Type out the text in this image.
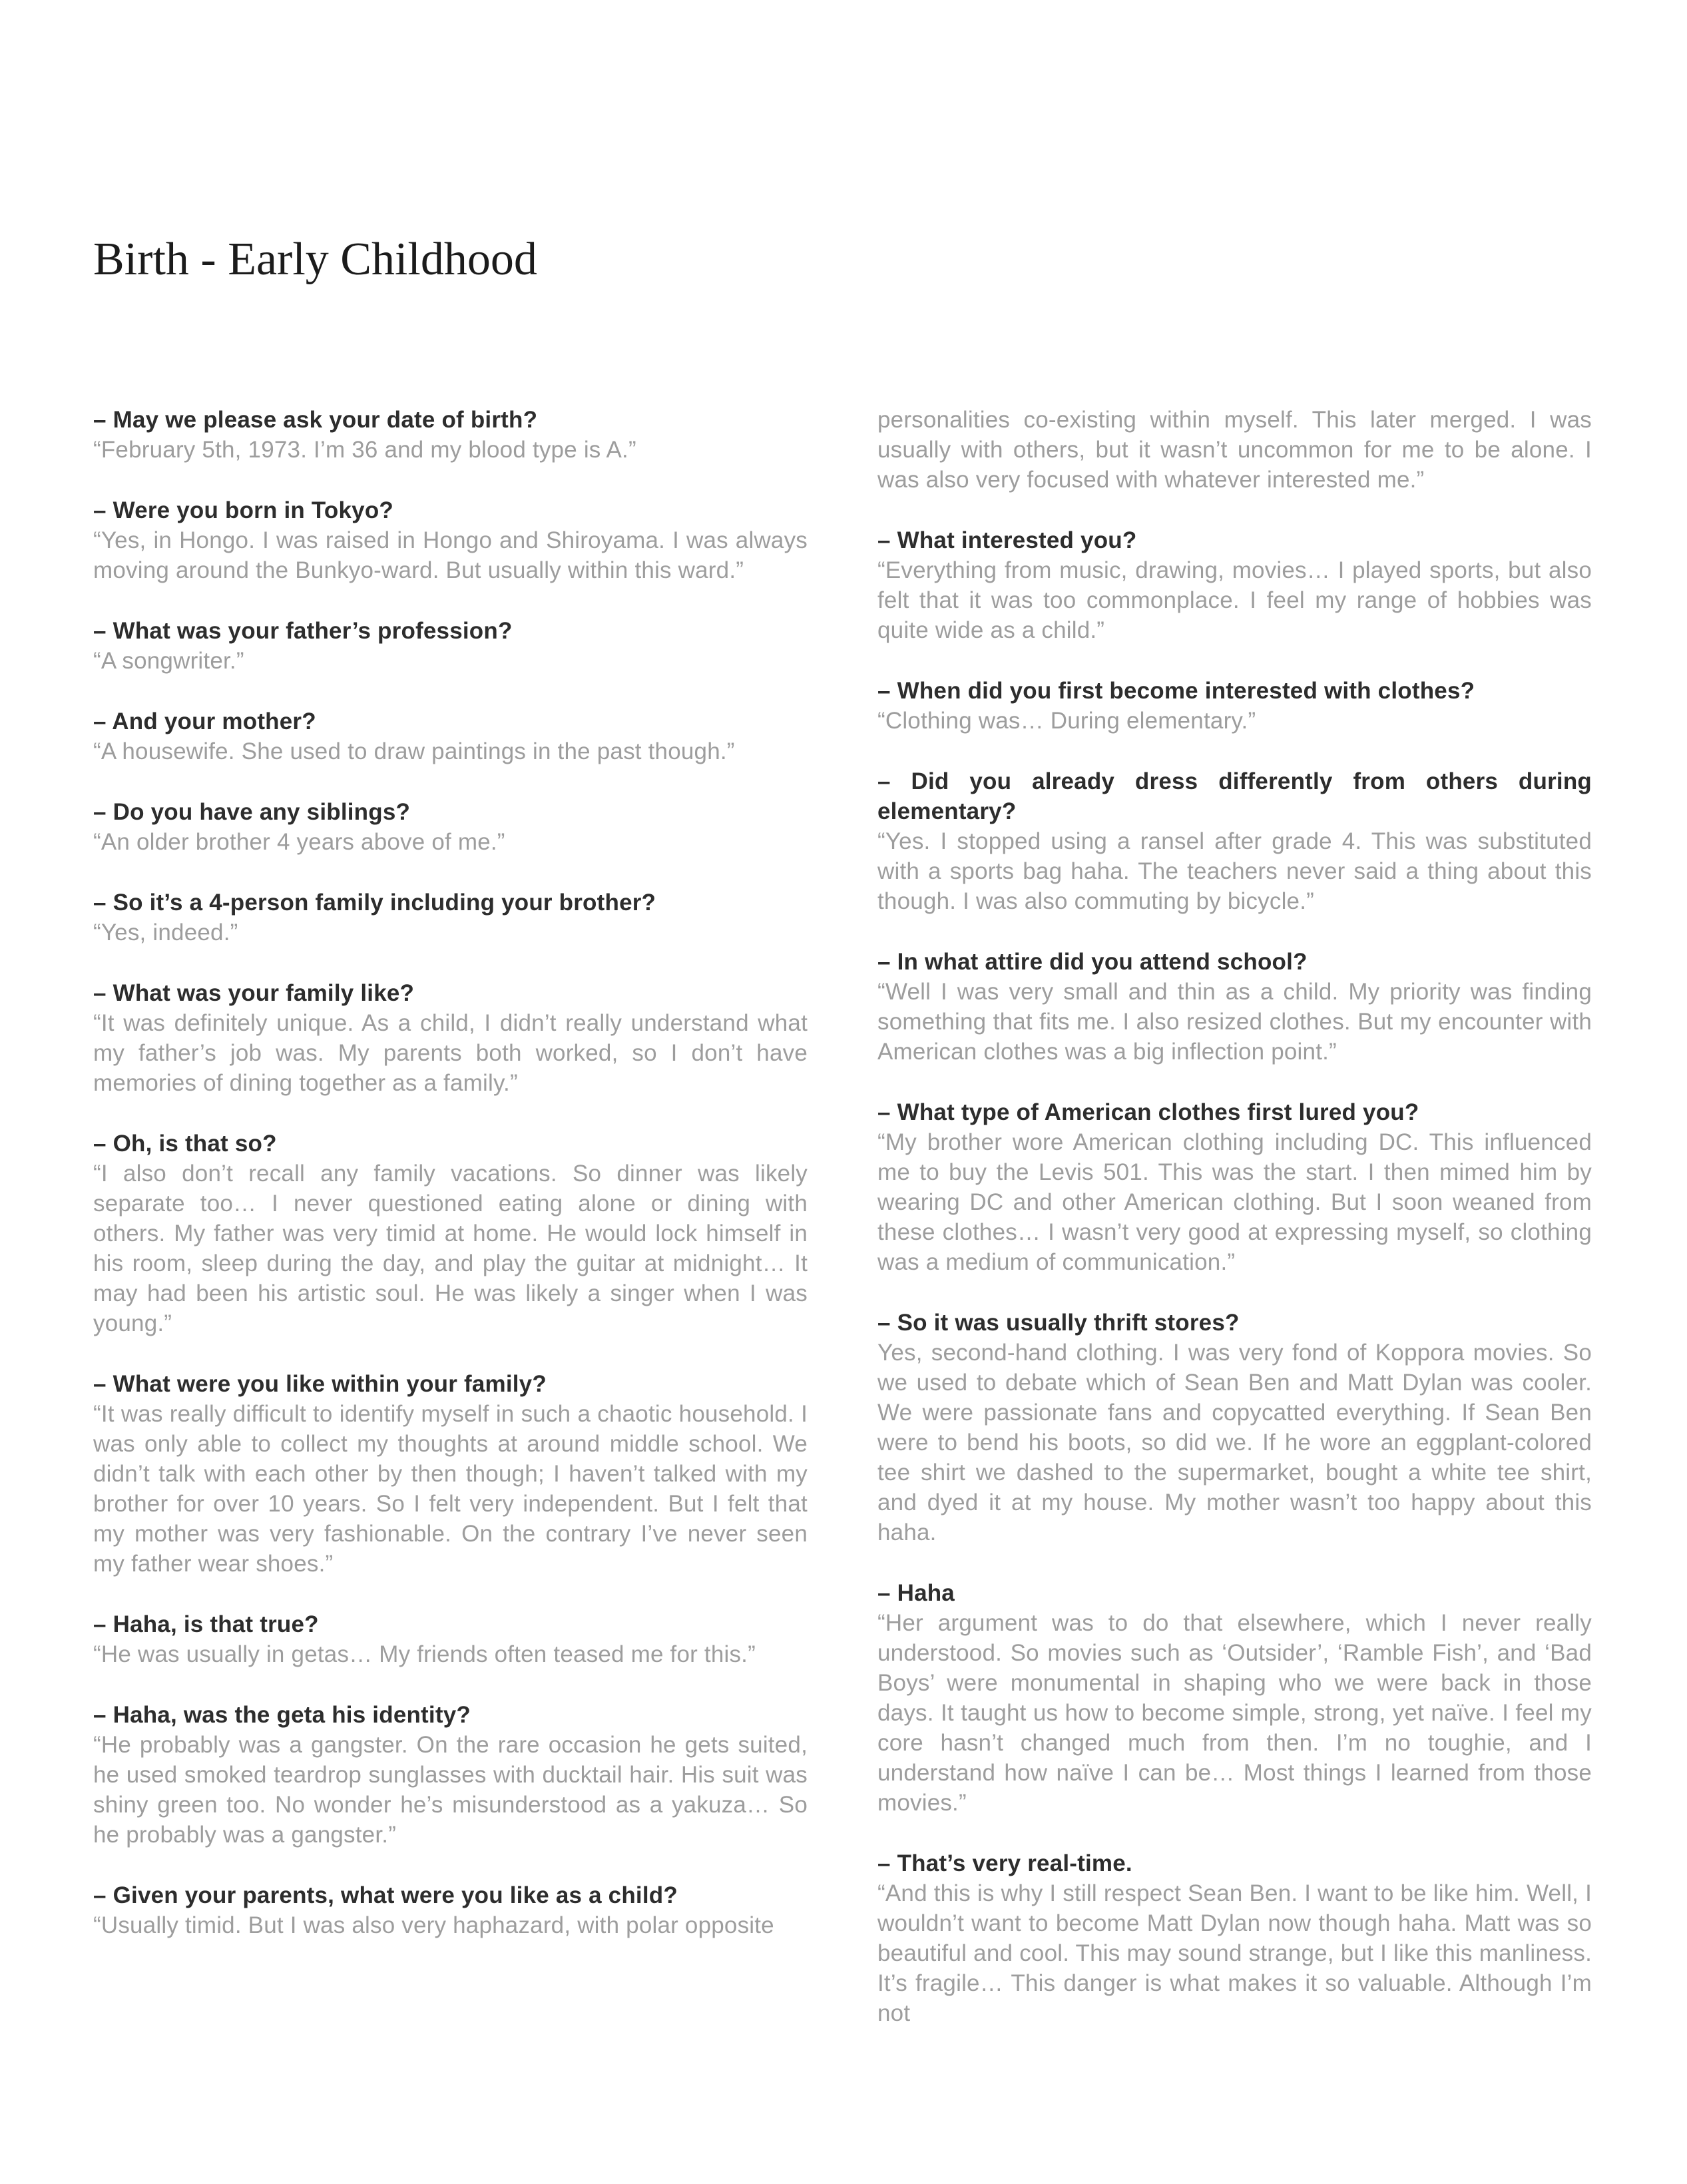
Birth - Early Childhood

– May we please ask your date of birth?

“February 5th, 1973. I’m 36 and my blood type is A.”

– Were you born in Tokyo?

“Yes, in Hongo. I was raised in Hongo and Shiroyama. I was always moving around the Bunkyo-ward. But usually within this ward.”

– What was your father’s profession?

“A songwriter.”

– And your mother?

“A housewife. She used to draw paintings in the past though.”

– Do you have any siblings?

“An older brother 4 years above of me.”

– So it’s a 4-person family including your brother?

“Yes, indeed.”

– What was your family like?

“It was definitely unique. As a child, I didn’t really understand what my father’s job was. My parents both worked, so I don’t have memories of dining together as a family.”

– Oh, is that so?

“I also don’t recall any family vacations. So dinner was likely separate too… I never questioned eating alone or dining with others. My father was very timid at home. He would lock himself in his room, sleep during the day, and play the guitar at midnight… It may had been his artistic soul. He was likely a singer when I was young.”

– What were you like within your family?

“It was really difficult to identify myself in such a chaotic household. I was only able to collect my thoughts at around middle school. We didn’t talk with each other by then though; I haven’t talked with my brother for over 10 years. So I felt very independent. But I felt that my mother was very fashionable. On the contrary I’ve never seen my father wear shoes.”

– Haha, is that true?

“He was usually in getas… My friends often teased me for this.”

– Haha, was the geta his identity?

“He probably was a gangster. On the rare occasion he gets suited, he used smoked teardrop sunglasses with ducktail hair. His suit was shiny green too. No wonder he’s misunderstood as a yakuza… So he probably was a gangster.”

– Given your parents, what were you like as a child?

“Usually timid. But I was also very haphazard, with polar opposite

personalities co-existing within myself. This later merged. I was usually with others, but it wasn’t uncommon for me to be alone. I was also very focused with whatever interested me.”

– What interested you?

“Everything from music, drawing, movies… I played sports, but also felt that it was too commonplace. I feel my range of hobbies was quite wide as a child.”

– When did you first become interested with clothes?

“Clothing was… During elementary.”

– Did you already dress differently from others during elementary?

“Yes. I stopped using a ransel after grade 4. This was substituted with a sports bag haha. The teachers never said a thing about this though. I was also commuting by bicycle.”

– In what attire did you attend school?

“Well I was very small and thin as a child. My priority was finding something that fits me. I also resized clothes. But my encounter with American clothes was a big inflection point.”

– What type of American clothes first lured you?

“My brother wore American clothing including DC. This influenced me to buy the Levis 501. This was the start. I then mimed him by wearing DC and other American clothing. But I soon weaned from these clothes… I wasn’t very good at expressing myself, so clothing was a medium of communication.”

– So it was usually thrift stores?

Yes, second-hand clothing. I was very fond of Koppora movies. So we used to debate which of Sean Ben and Matt Dylan was cooler. We were passionate fans and copycatted everything. If Sean Ben were to bend his boots, so did we. If he wore an eggplant-colored tee shirt we dashed to the supermarket, bought a white tee shirt, and dyed it at my house. My mother wasn’t too happy about this haha.

– Haha

“Her argument was to do that elsewhere, which I never really understood. So movies such as ‘Outsider’, ‘Ramble Fish’, and ‘Bad Boys’ were monumental in shaping who we were back in those days. It taught us how to become simple, strong, yet naïve. I feel my core hasn’t changed much from then. I’m no toughie, and I understand how naïve I can be… Most things I learned from those movies.”

– That’s very real-time.

“And this is why I still respect Sean Ben. I want to be like him. Well, I wouldn’t want to become Matt Dylan now though haha. Matt was so beautiful and cool. This may sound strange, but I like this manliness. It’s fragile… This danger is what makes it so valuable. Although I’m not
